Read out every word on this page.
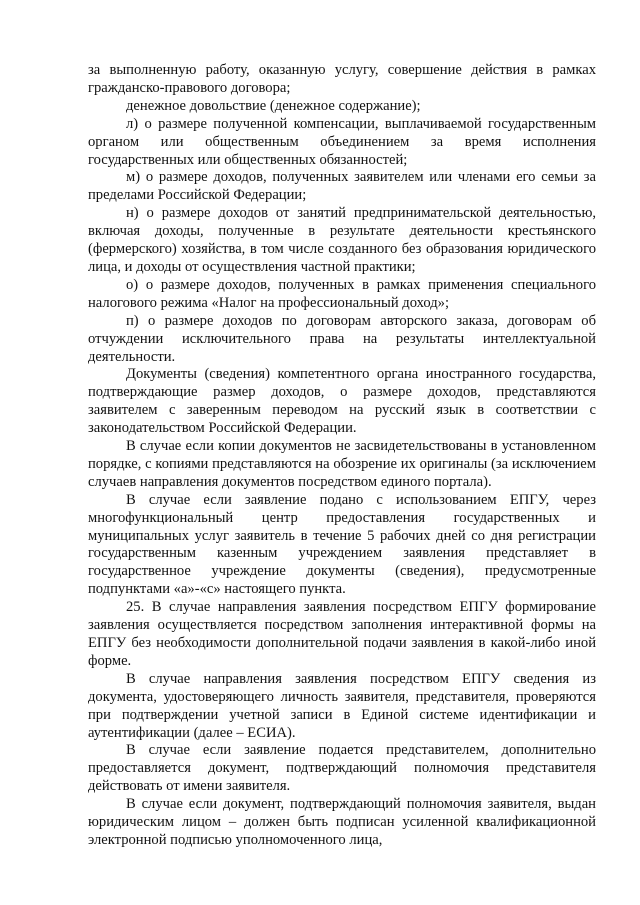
за выполненную работу, оказанную услугу, совершение действия в рамках гражданско-правового договора;

денежное довольствие (денежное содержание);

л) о размере полученной компенсации, выплачиваемой государственным органом или общественным объединением за время исполнения государственных или общественных обязанностей;

м) о размере доходов, полученных заявителем или членами его семьи за пределами Российской Федерации;

н) о размере доходов от занятий предпринимательской деятельностью, включая доходы, полученные в результате деятельности крестьянского (фермерского) хозяйства, в том числе созданного без образования юридического лица, и доходы от осуществления частной практики;

о) о размере доходов, полученных в рамках применения специального налогового режима «Налог на профессиональный доход»;

п) о размере доходов по договорам авторского заказа, договорам об отчуждении исключительного права на результаты интеллектуальной деятельности.

Документы (сведения) компетентного органа иностранного государства, подтверждающие размер доходов, о размере доходов, представляются заявителем с заверенным переводом на русский язык в соответствии с законодательством Российской Федерации.

В случае если копии документов не засвидетельствованы в установленном порядке, с копиями представляются на обозрение их оригиналы (за исключением случаев направления документов посредством единого портала).

В случае если заявление подано с использованием ЕПГУ, через многофункциональный центр предоставления государственных и муниципальных услуг заявитель в течение 5 рабочих дней со дня регистрации государственным казенным учреждением заявления представляет в государственное учреждение документы (сведения), предусмотренные подпунктами «а»-«с» настоящего пункта.

25. В случае направления заявления посредством ЕПГУ формирование заявления осуществляется посредством заполнения интерактивной формы на ЕПГУ без необходимости дополнительной подачи заявления в какой-либо иной форме.

В случае направления заявления посредством ЕПГУ сведения из документа, удостоверяющего личность заявителя, представителя, проверяются при подтверждении учетной записи в Единой системе идентификации и аутентификации (далее – ЕСИА).

В случае если заявление подается представителем, дополнительно предоставляется документ, подтверждающий полномочия представителя действовать от имени заявителя.

В случае если документ, подтверждающий полномочия заявителя, выдан юридическим лицом – должен быть подписан усиленной квалификационной электронной подписью уполномоченного лица,
